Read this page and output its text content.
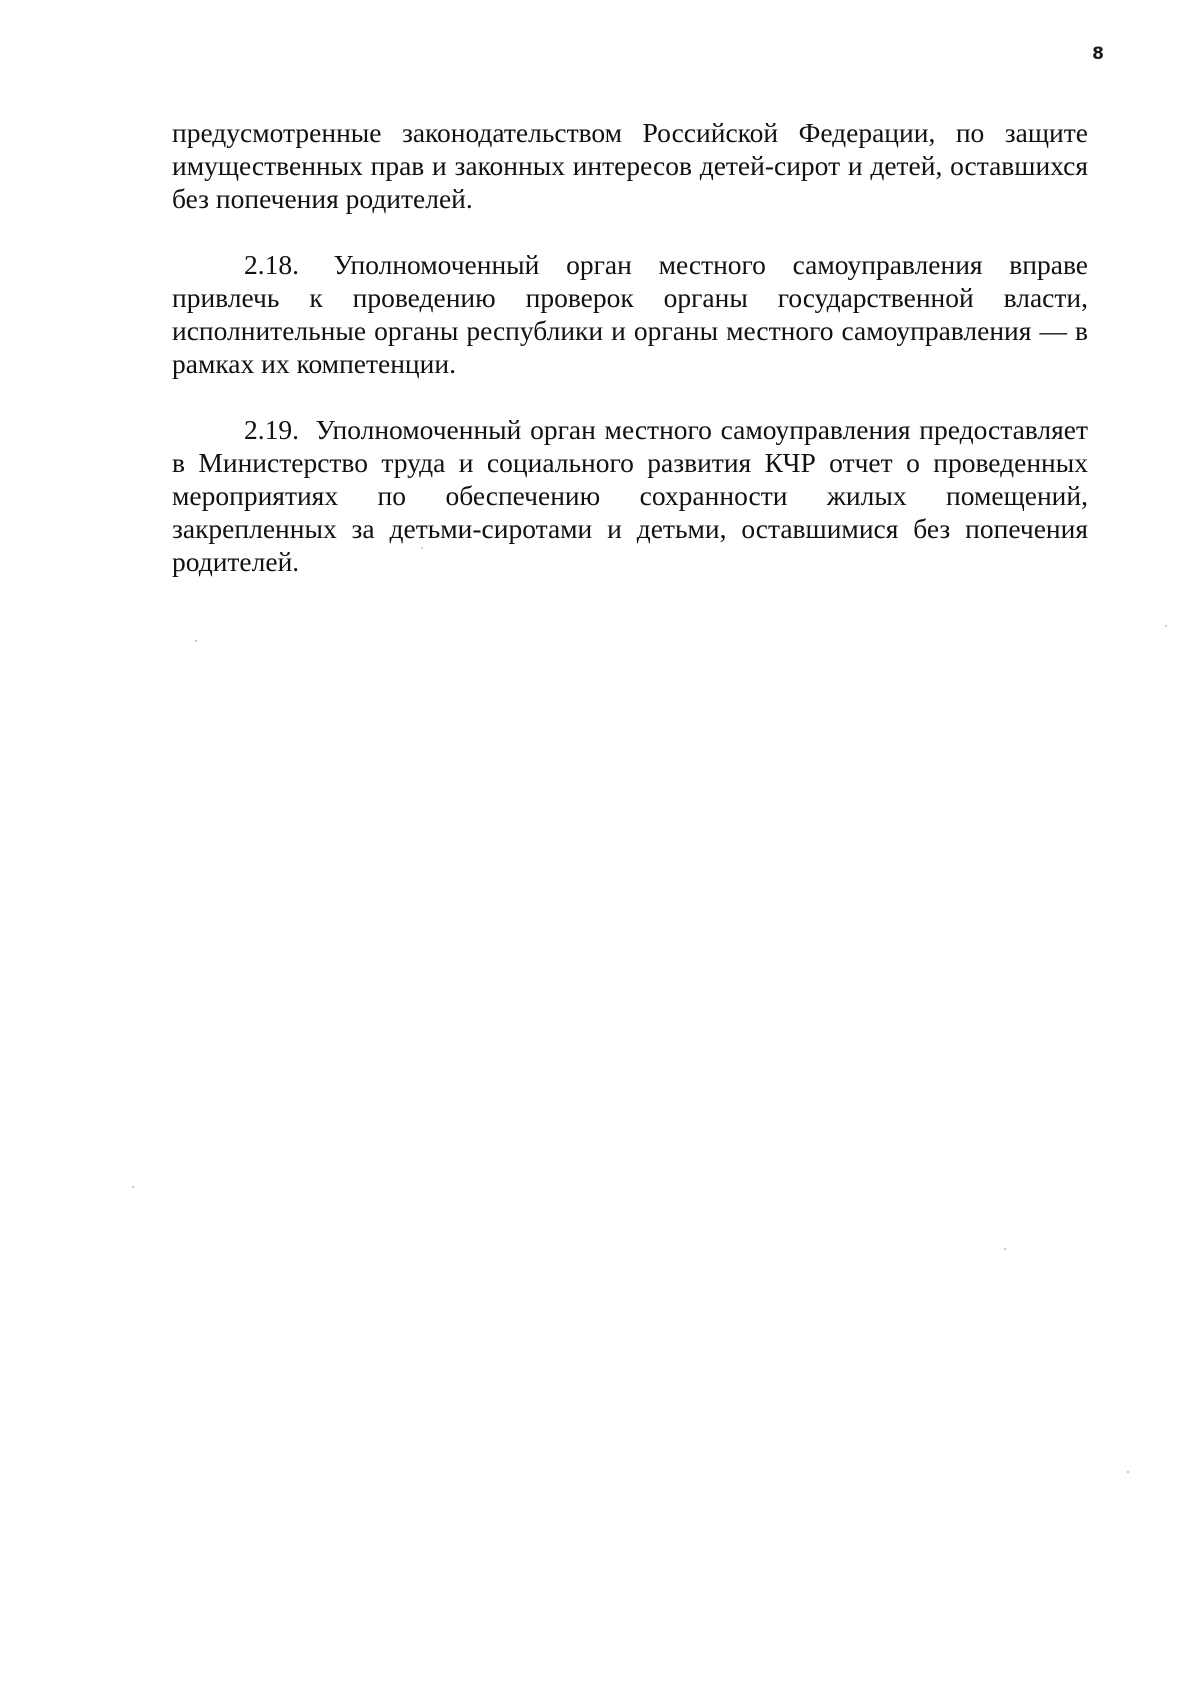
8

предусмотренные законодательством Российской Федерации, по защите имущественных прав и законных интересов детей-сирот и детей, оставшихся без попечения родителей.

2.18. Уполномоченный орган местного самоуправления вправе привлечь к проведению проверок органы государственной власти, исполнительные органы республики и органы местного самоуправления — в рамках их компетенции.

2.19. Уполномоченный орган местного самоуправления предоставляет в Министерство труда и социального развития КЧР отчет о проведенных мероприятиях по обеспечению сохранности жилых помещений, закрепленных за детьми-сиротами и детьми, оставшимися без попечения родителей.
